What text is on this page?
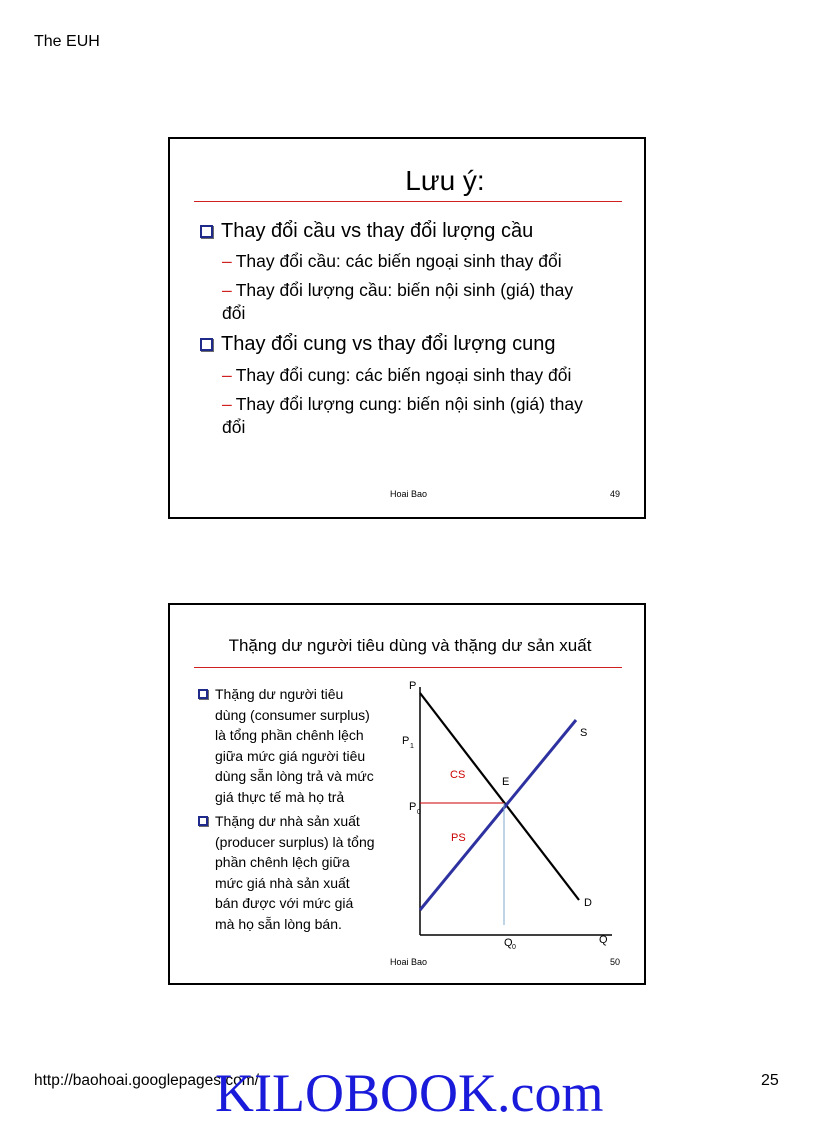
The EUH
Lưu ý:
Thay đổi cầu vs thay đổi lượng cầu
– Thay đổi cầu: các biến ngoại sinh thay đổi
– Thay đổi lượng cầu: biến nội sinh (giá) thay
đổi
Thay đổi cung vs thay đổi lượng cung
– Thay đổi cung: các biến ngoại sinh thay đổi
– Thay đổi lượng cung: biến nội sinh (giá) thay
đổi
Hoai Bao	49
Thặng dư người tiêu dùng và thặng dư sản xuất
Thặng dư người tiêu
dùng (consumer surplus)
là tổng phần chênh lệch
giữa mức giá người tiêu
dùng sẵn lòng trả và mức
giá thực tế mà họ trả
Thặng dư nhà sản xuất
(producer surplus) là tổng
phần chênh lệch giữa
mức giá nhà sản xuất
bán được với mức giá
mà họ sẵn lòng bán.
P
Q
P 1
P 0
Q 0
CS
PS
E
S
D
Hoai Bao	50
http://baohoai.googlepages.com/	25
KILOBOOK.com
